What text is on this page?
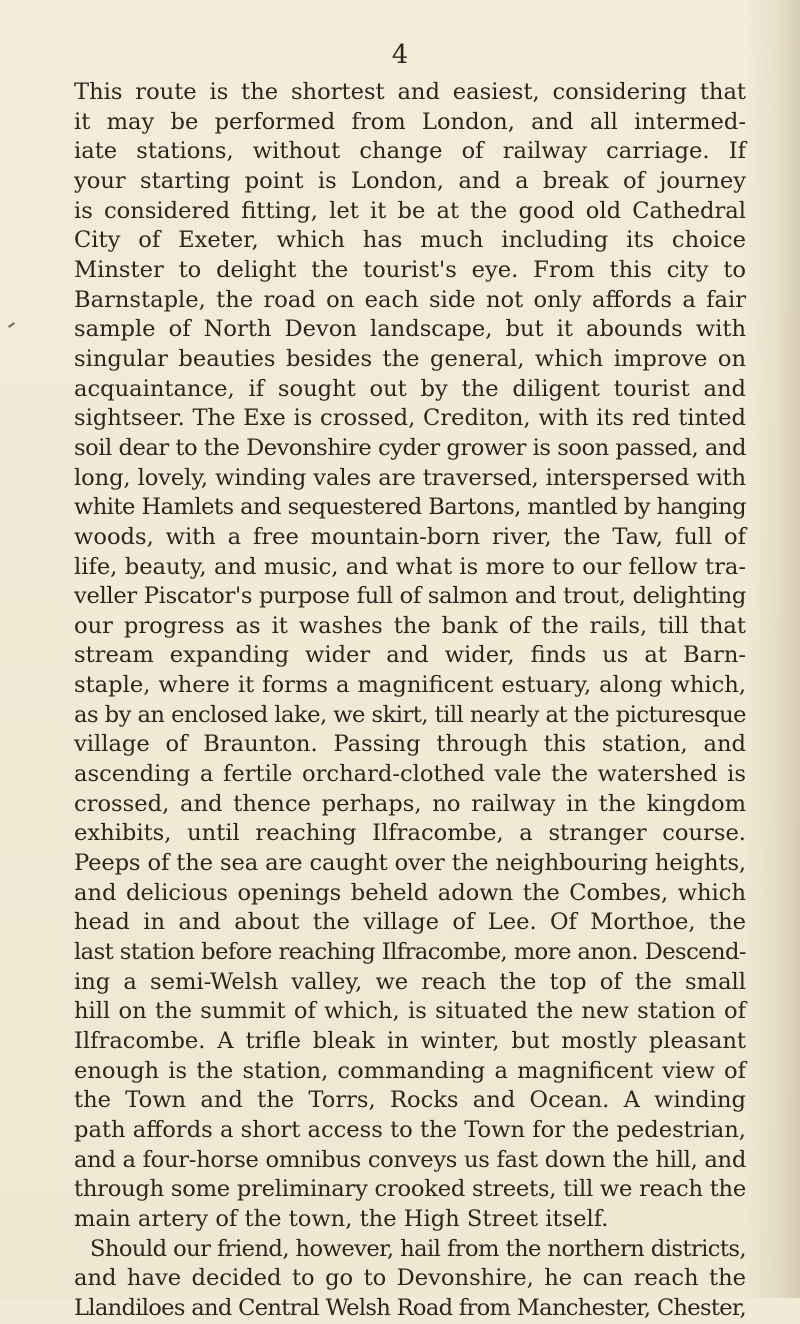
4
This route is the shortest and easiest, considering that
it may be performed from London, and all intermed-
iate stations, without change of railway carriage. If
your starting point is London, and a break of journey
is considered fitting, let it be at the good old Cathedral
City of Exeter, which has much including its choice
Minster to delight the tourist's eye. From this city to
Barnstaple, the road on each side not only affords a fair
sample of North Devon landscape, but it abounds with
singular beauties besides the general, which improve on
acquaintance, if sought out by the diligent tourist and
sightseer. The Exe is crossed, Crediton, with its red tinted
soil dear to the Devonshire cyder grower is soon passed, and
long, lovely, winding vales are traversed, interspersed with
white Hamlets and sequestered Bartons, mantled by hanging
woods, with a free mountain-born river, the Taw, full of
life, beauty, and music, and what is more to our fellow tra-
veller Piscator's purpose full of salmon and trout, delighting
our progress as it washes the bank of the rails, till that
stream expanding wider and wider, finds us at Barn-
staple, where it forms a magnificent estuary, along which,
as by an enclosed lake, we skirt, till nearly at the picturesque
village of Braunton. Passing through this station, and
ascending a fertile orchard-clothed vale the watershed is
crossed, and thence perhaps, no railway in the kingdom
exhibits, until reaching Ilfracombe, a stranger course.
Peeps of the sea are caught over the neighbouring heights,
and delicious openings beheld adown the Combes, which
head in and about the village of Lee. Of Morthoe, the
last station before reaching Ilfracombe, more anon. Descend-
ing a semi-Welsh valley, we reach the top of the small
hill on the summit of which, is situated the new station of
Ilfracombe. A trifle bleak in winter, but mostly pleasant
enough is the station, commanding a magnificent view of
the Town and the Torrs, Rocks and Ocean. A winding
path affords a short access to the Town for the pedestrian,
and a four-horse omnibus conveys us fast down the hill, and
through some preliminary crooked streets, till we reach the
main artery of the town, the High Street itself.
Should our friend, however, hail from the northern districts,
and have decided to go to Devonshire, he can reach the
Llandiloes and Central Welsh Road from Manchester, Chester,
